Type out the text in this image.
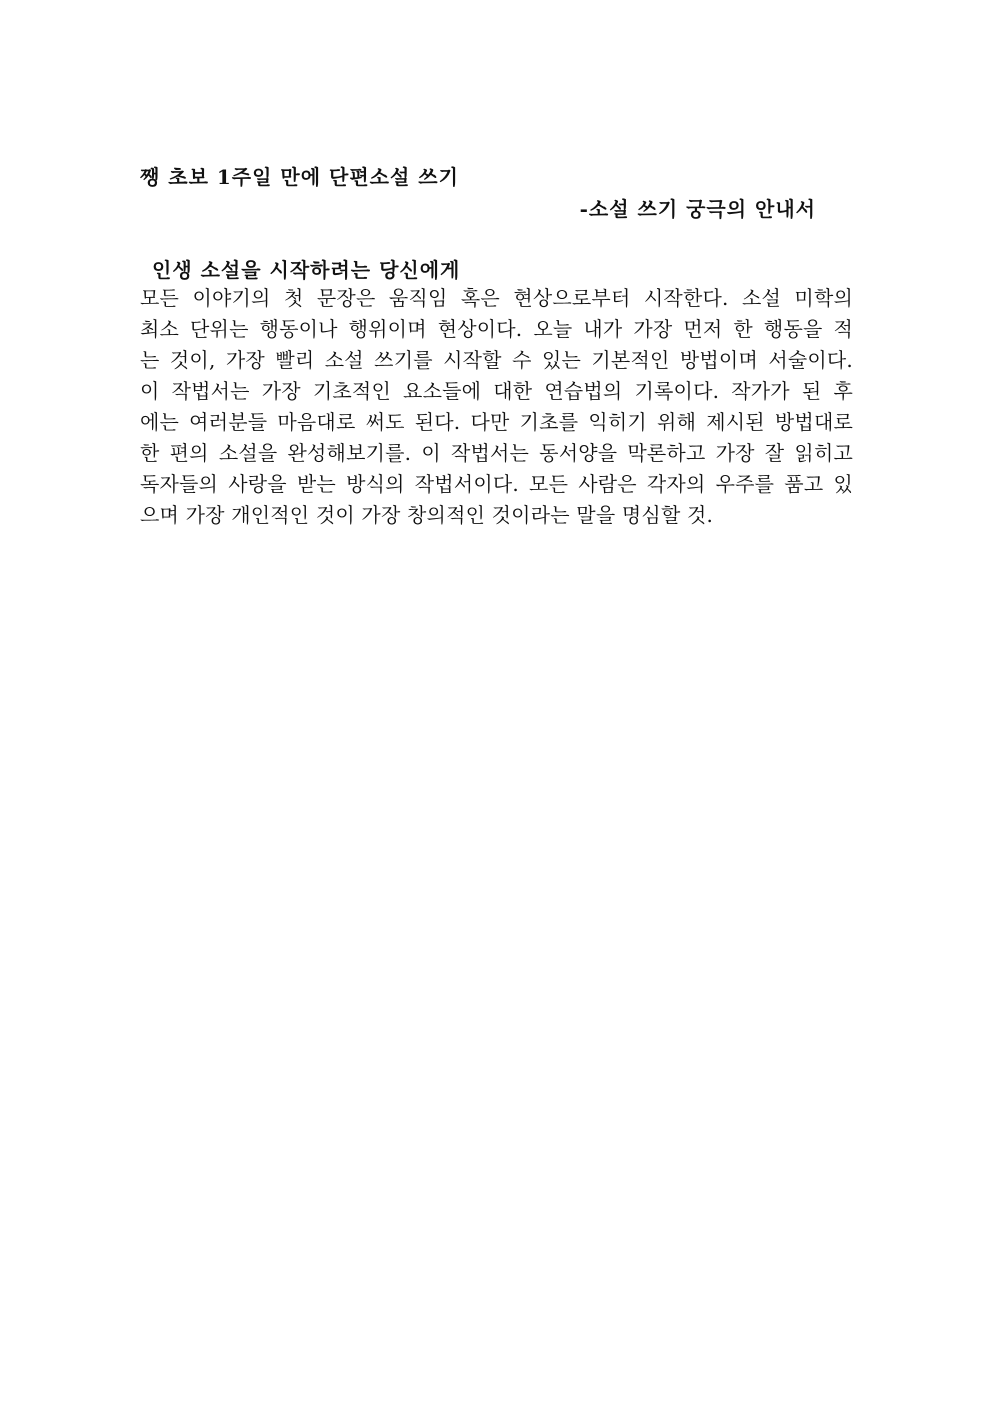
쨍 초보 1주일 만에 단편소설 쓰기
-소설 쓰기 궁극의 안내서
인생 소설을 시작하려는 당신에게
모든 이야기의 첫 문장은 움직임 혹은 현상으로부터 시작한다. 소설 미학의
최소 단위는 행동이나 행위이며 현상이다. 오늘 내가 가장 먼저 한 행동을 적
는 것이, 가장 빨리 소설 쓰기를 시작할 수 있는 기본적인 방법이며 서술이다.
이 작법서는 가장 기초적인 요소들에 대한 연습법의 기록이다. 작가가 된 후
에는 여러분들 마음대로 써도 된다. 다만 기초를 익히기 위해 제시된 방법대로
한 편의 소설을 완성해보기를. 이 작법서는 동서양을 막론하고 가장 잘 읽히고
독자들의 사랑을 받는 방식의 작법서이다. 모든 사람은 각자의 우주를 품고 있
으며 가장 개인적인 것이 가장 창의적인 것이라는 말을 명심할 것.
